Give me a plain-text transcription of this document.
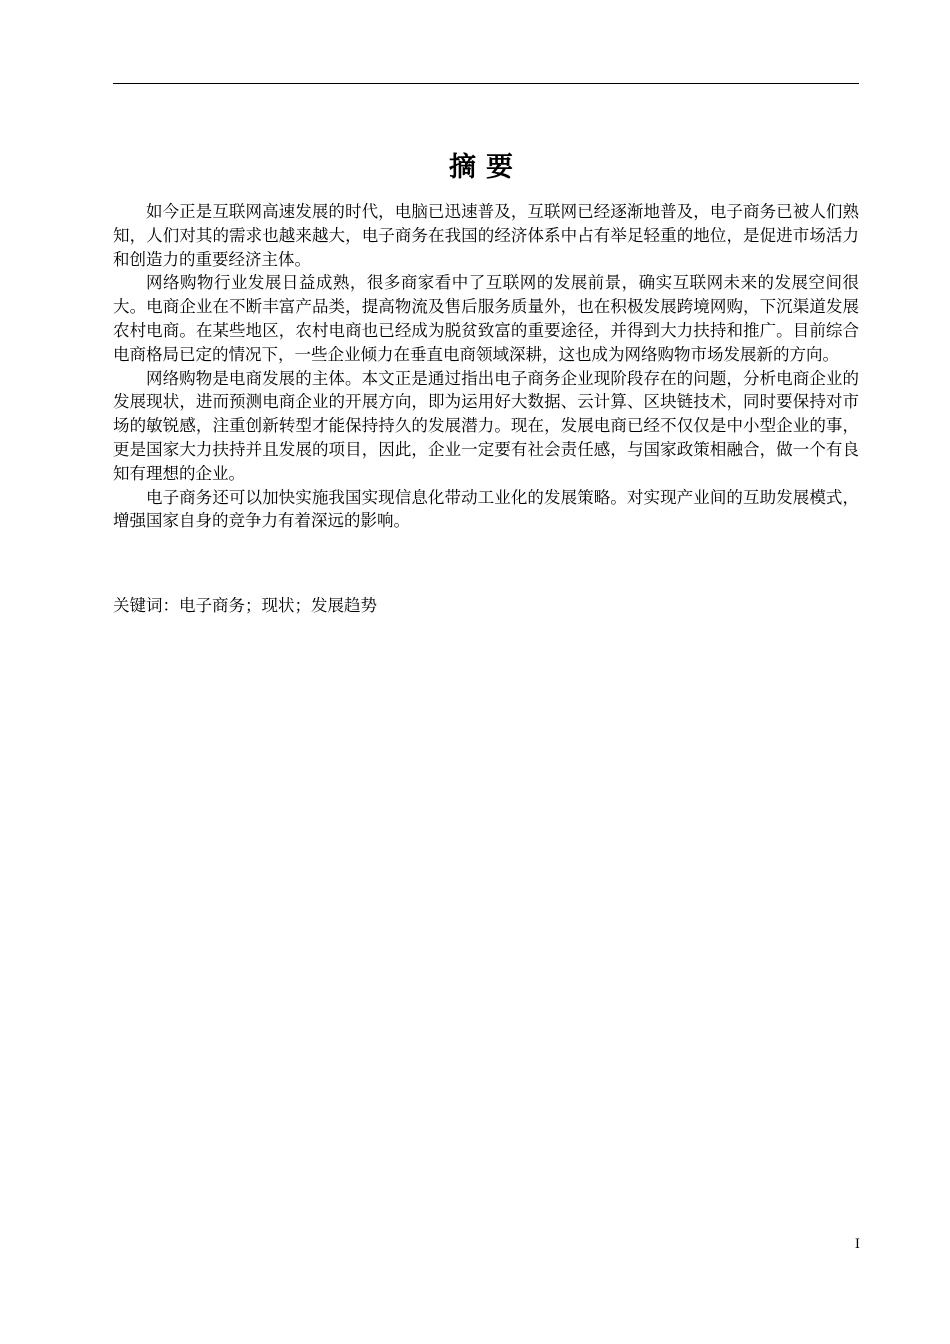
摘要

如今正是互联网高速发展的时代，电脑已迅速普及，互联网已经逐渐地普及，电子商务已被人们熟知，人们对其的需求也越来越大，电子商务在我国的经济体系中占有举足轻重的地位，是促进市场活力和创造力的重要经济主体。

网络购物行业发展日益成熟，很多商家看中了互联网的发展前景，确实互联网未来的发展空间很大。电商企业在不断丰富产品类，提高物流及售后服务质量外，也在积极发展跨境网购，下沉渠道发展农村电商。在某些地区，农村电商也已经成为脱贫致富的重要途径，并得到大力扶持和推广。目前综合电商格局已定的情况下，一些企业倾力在垂直电商领域深耕，这也成为网络购物市场发展新的方向。

网络购物是电商发展的主体。本文正是通过指出电子商务企业现阶段存在的问题，分析电商企业的发展现状，进而预测电商企业的开展方向，即为运用好大数据、云计算、区块链技术，同时要保持对市场的敏锐感，注重创新转型才能保持持久的发展潜力。现在，发展电商已经不仅仅是中小型企业的事，更是国家大力扶持并且发展的项目，因此，企业一定要有社会责任感，与国家政策相融合，做一个有良知有理想的企业。

电子商务还可以加快实施我国实现信息化带动工业化的发展策略。对实现产业间的互助发展模式，增强国家自身的竞争力有着深远的影响。

关键词：电子商务；现状；发展趋势
I
